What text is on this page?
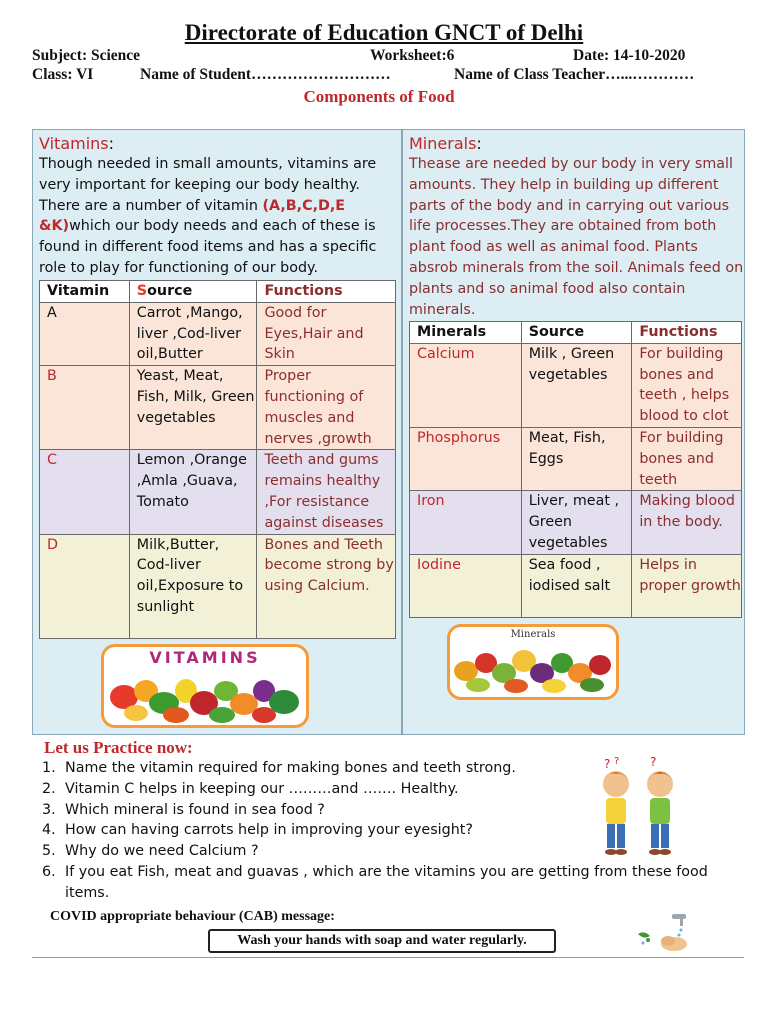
Directorate of Education GNCT of Delhi
Subject: Science	Worksheet:6	Date: 14-10-2020
Class: VI	Name of Student………………………	Name of Class Teacher…...…………
Components of Food
Vitamins:

Though needed in small amounts, vitamins are very important for keeping our body healthy. There are a number of vitamin (A,B,C,D,E &K)which our body needs and each of these is found in different food items and has a specific role to play for functioning of our body.

Vitamin	Source	Functions
A	Carrot ,Mango, liver ,Cod-liver oil,Butter	Good for Eyes,Hair and Skin
B	Yeast, Meat, Fish, Milk, Green vegetables	Proper functioning of muscles and nerves ,growth
C	Lemon ,Orange ,Amla ,Guava, Tomato	Teeth and gums remains healthy ,For resistance against diseases
D	Milk,Butter, Cod-liver oil,Exposure to sunlight	Bones and Teeth become strong by using Calcium.
VITAMINS
Minerals:

Thease are needed by our body in very small amounts. They help in building up different parts of the body and in carrying out various life processes.They are obtained from both plant food as well as animal food. Plants absrob minerals from the soil. Animals feed on plants and so animal food also contain minerals.

Minerals	Source	Functions
Calcium	Milk , Green vegetables	For building bones and teeth , helps blood to clot
Phosphorus	Meat, Fish, Eggs	For building bones and teeth
Iron	Liver, meat , Green vegetables	Making blood in the body.
Iodine	Sea food , iodised salt	Helps in proper growth
Minerals
Let us Practice now:
1. Name the vitamin required for making bones and teeth strong.
2. Vitamin C helps in keeping our ………and ……. Healthy.
3. Which mineral is found in sea food ?
4. How can having carrots help in improving your eyesight?
5. Why do we need Calcium ?
6. If you eat Fish, meat and guavas , which are the vitamins you are getting from these food items.
? ?	?
COVID appropriate behaviour (CAB) message:
Wash your hands with soap and water regularly.
